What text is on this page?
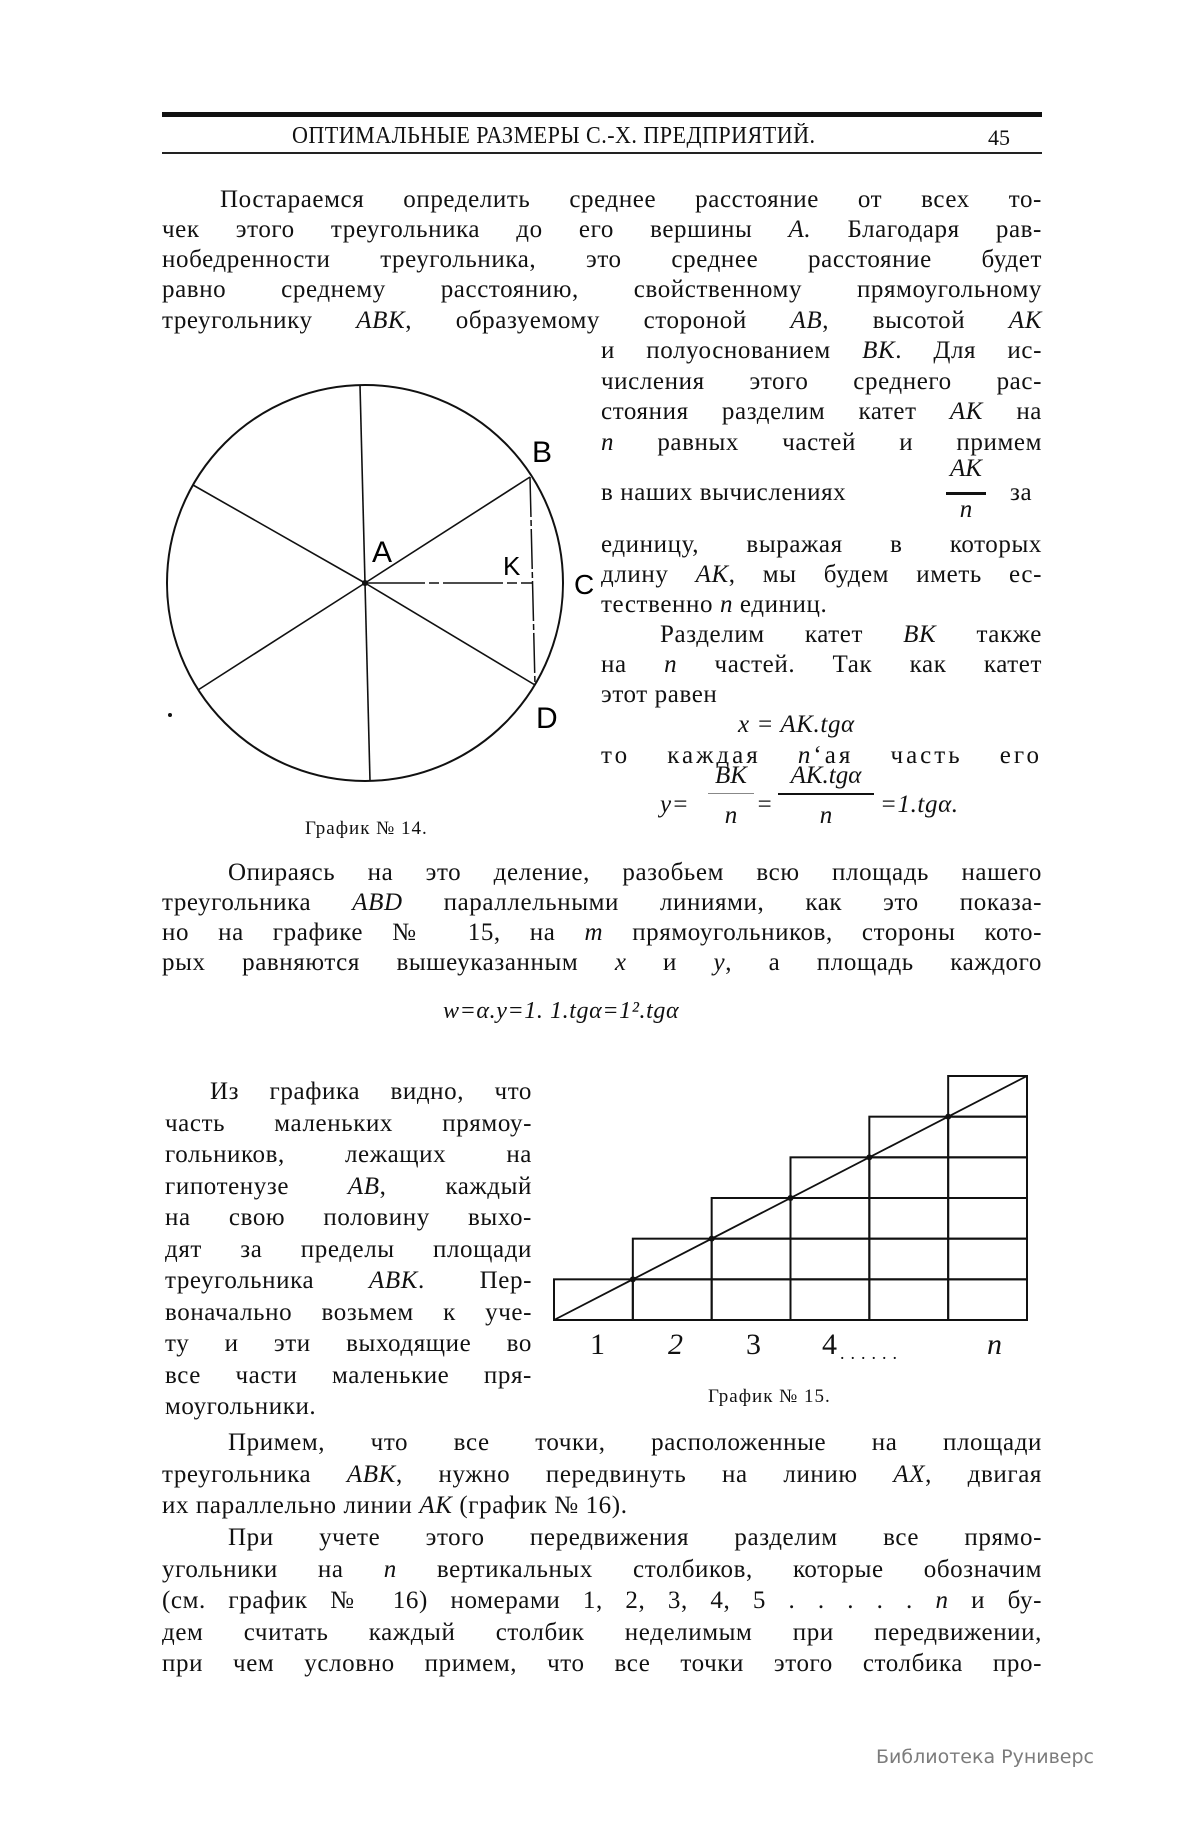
ОПТИМАЛЬНЫЕ РАЗМЕРЫ С.-Х. ПРЕДПРИЯТИЙ.	45
Постараемся определить среднее расстояние от всех то-
чек этого треугольника до его вершины A. Благодаря рав-
нобедренности треугольника, это среднее расстояние будет
равно среднему расстоянию, свойственному прямоугольному
треугольнику ABK, образуемому стороной AB, высотой AK
A
B
C
D
K
График № 14.
и полуоснованием BK. Для ис-
числения этого среднего рас-
стояния разделим катет AK на
n равных частей и примем
в наших вычислениях
AK
n
за
единицу, выражая в которых
длину AK, мы будем иметь ес-
тественно n единиц.
Разделим катет BK также
на n частей. Так как катет
этот равен
x = AK.tgα
то каждая n‘ая часть его
y=
BK
n =
AK.tgα
n	=1.tgα.
Опираясь на это деление, разобьем всю площадь нашего
треугольника ABD параллельными линиями, как это показа-
но на графике № 15, на m прямоугольников, стороны кото-
рых равняются вышеуказанным x и y, а площадь каждого
w=α.y=1. 1.tgα=1².tgα
Из графика видно, что
часть маленьких прямоу-
гольников, лежащих на
гипотенузе AB, каждый
на свою половину выхо-
дят за пределы площади
треугольника ABK. Пер-
воначально возьмем к уче-
ту и эти выходящие во
все части маленькие пря-
моугольники.
1 2 3 4 ......	n
График № 15.
Примем, что все точки, расположенные на площади
треугольника ABK, нужно передвинуть на линию AX, двигая
их параллельно линии AK (график № 16).
При учете этого передвижения разделим все прямо-
угольники на n вертикальных столбиков, которые обозначим
(см. график № 16) номерами 1, 2, 3, 4, 5 . . . . . n и бу-
дем считать каждый столбик неделимым при передвижении,
при чем условно примем, что все точки этого столбика про-
Библиотека Руниверс
